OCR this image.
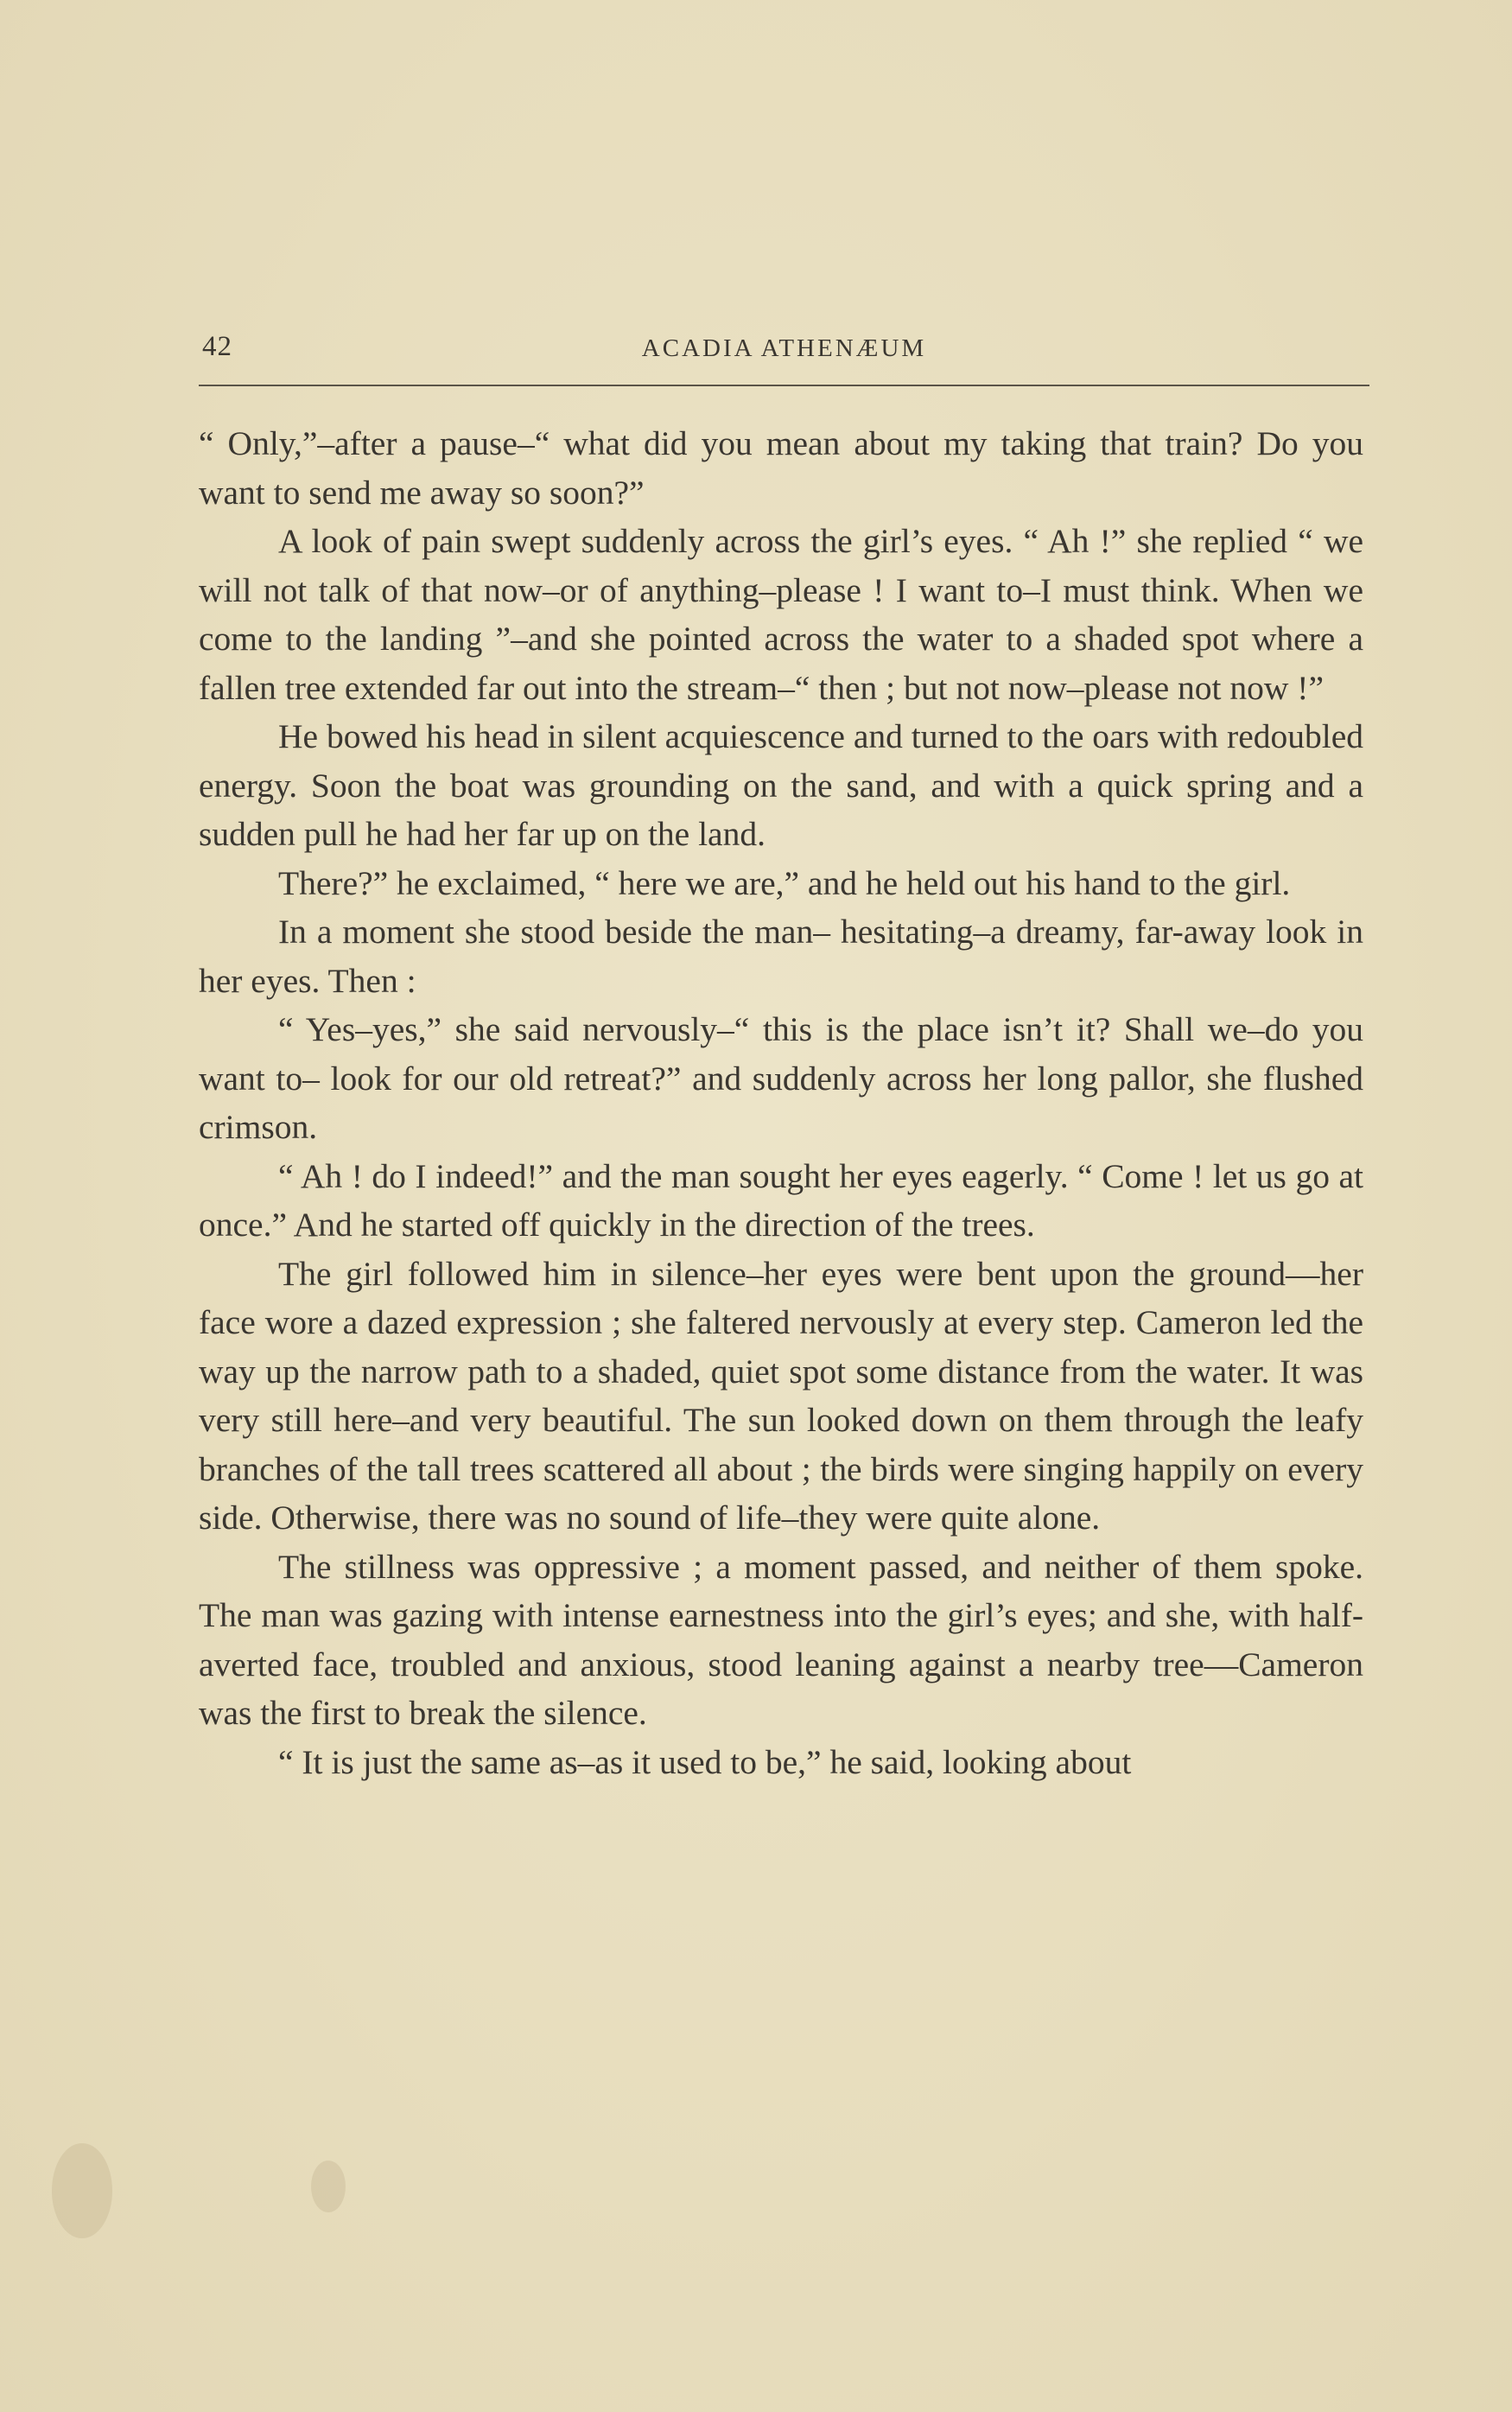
42	ACADIA ATHENÆUM

“ Only,”–after a pause–“ what did you mean about my taking that train? Do you want to send me away so soon?”

A look of pain swept suddenly across the girl’s eyes. “ Ah !” she replied “ we will not talk of that now–or of anything–please ! I want to–I must think. When we come to the landing ”–and she pointed across the water to a shaded spot where a fallen tree extended far out into the stream–“ then ; but not now–please not now !”

He bowed his head in silent acquiescence and turned to the oars with redoubled energy. Soon the boat was grounding on the sand, and with a quick spring and a sudden pull he had her far up on the land.

There?” he exclaimed, “ here we are,” and he held out his hand to the girl.

In a moment she stood beside the man– hesitating–a dreamy, far-away look in her eyes. Then :

“ Yes–yes,” she said nervously–“ this is the place isn’t it? Shall we–do you want to– look for our old retreat?” and suddenly across her long pallor, she flushed crimson.

“ Ah ! do I indeed!” and the man sought her eyes eagerly. “ Come ! let us go at once.” And he started off quickly in the direction of the trees.

The girl followed him in silence–her eyes were bent upon the ground—her face wore a dazed expression ; she faltered nervously at every step. Cameron led the way up the narrow path to a shaded, quiet spot some distance from the water. It was very still here–and very beautiful. The sun looked down on them through the leafy branches of the tall trees scattered all about ; the birds were singing happily on every side. Otherwise, there was no sound of life–they were quite alone.

The stillness was oppressive ; a moment passed, and neither of them spoke. The man was gazing with intense earnestness into the girl’s eyes; and she, with half-averted face, troubled and anxious, stood leaning against a nearby tree—Cameron was the first to break the silence.

“ It is just the same as–as it used to be,” he said, looking about
